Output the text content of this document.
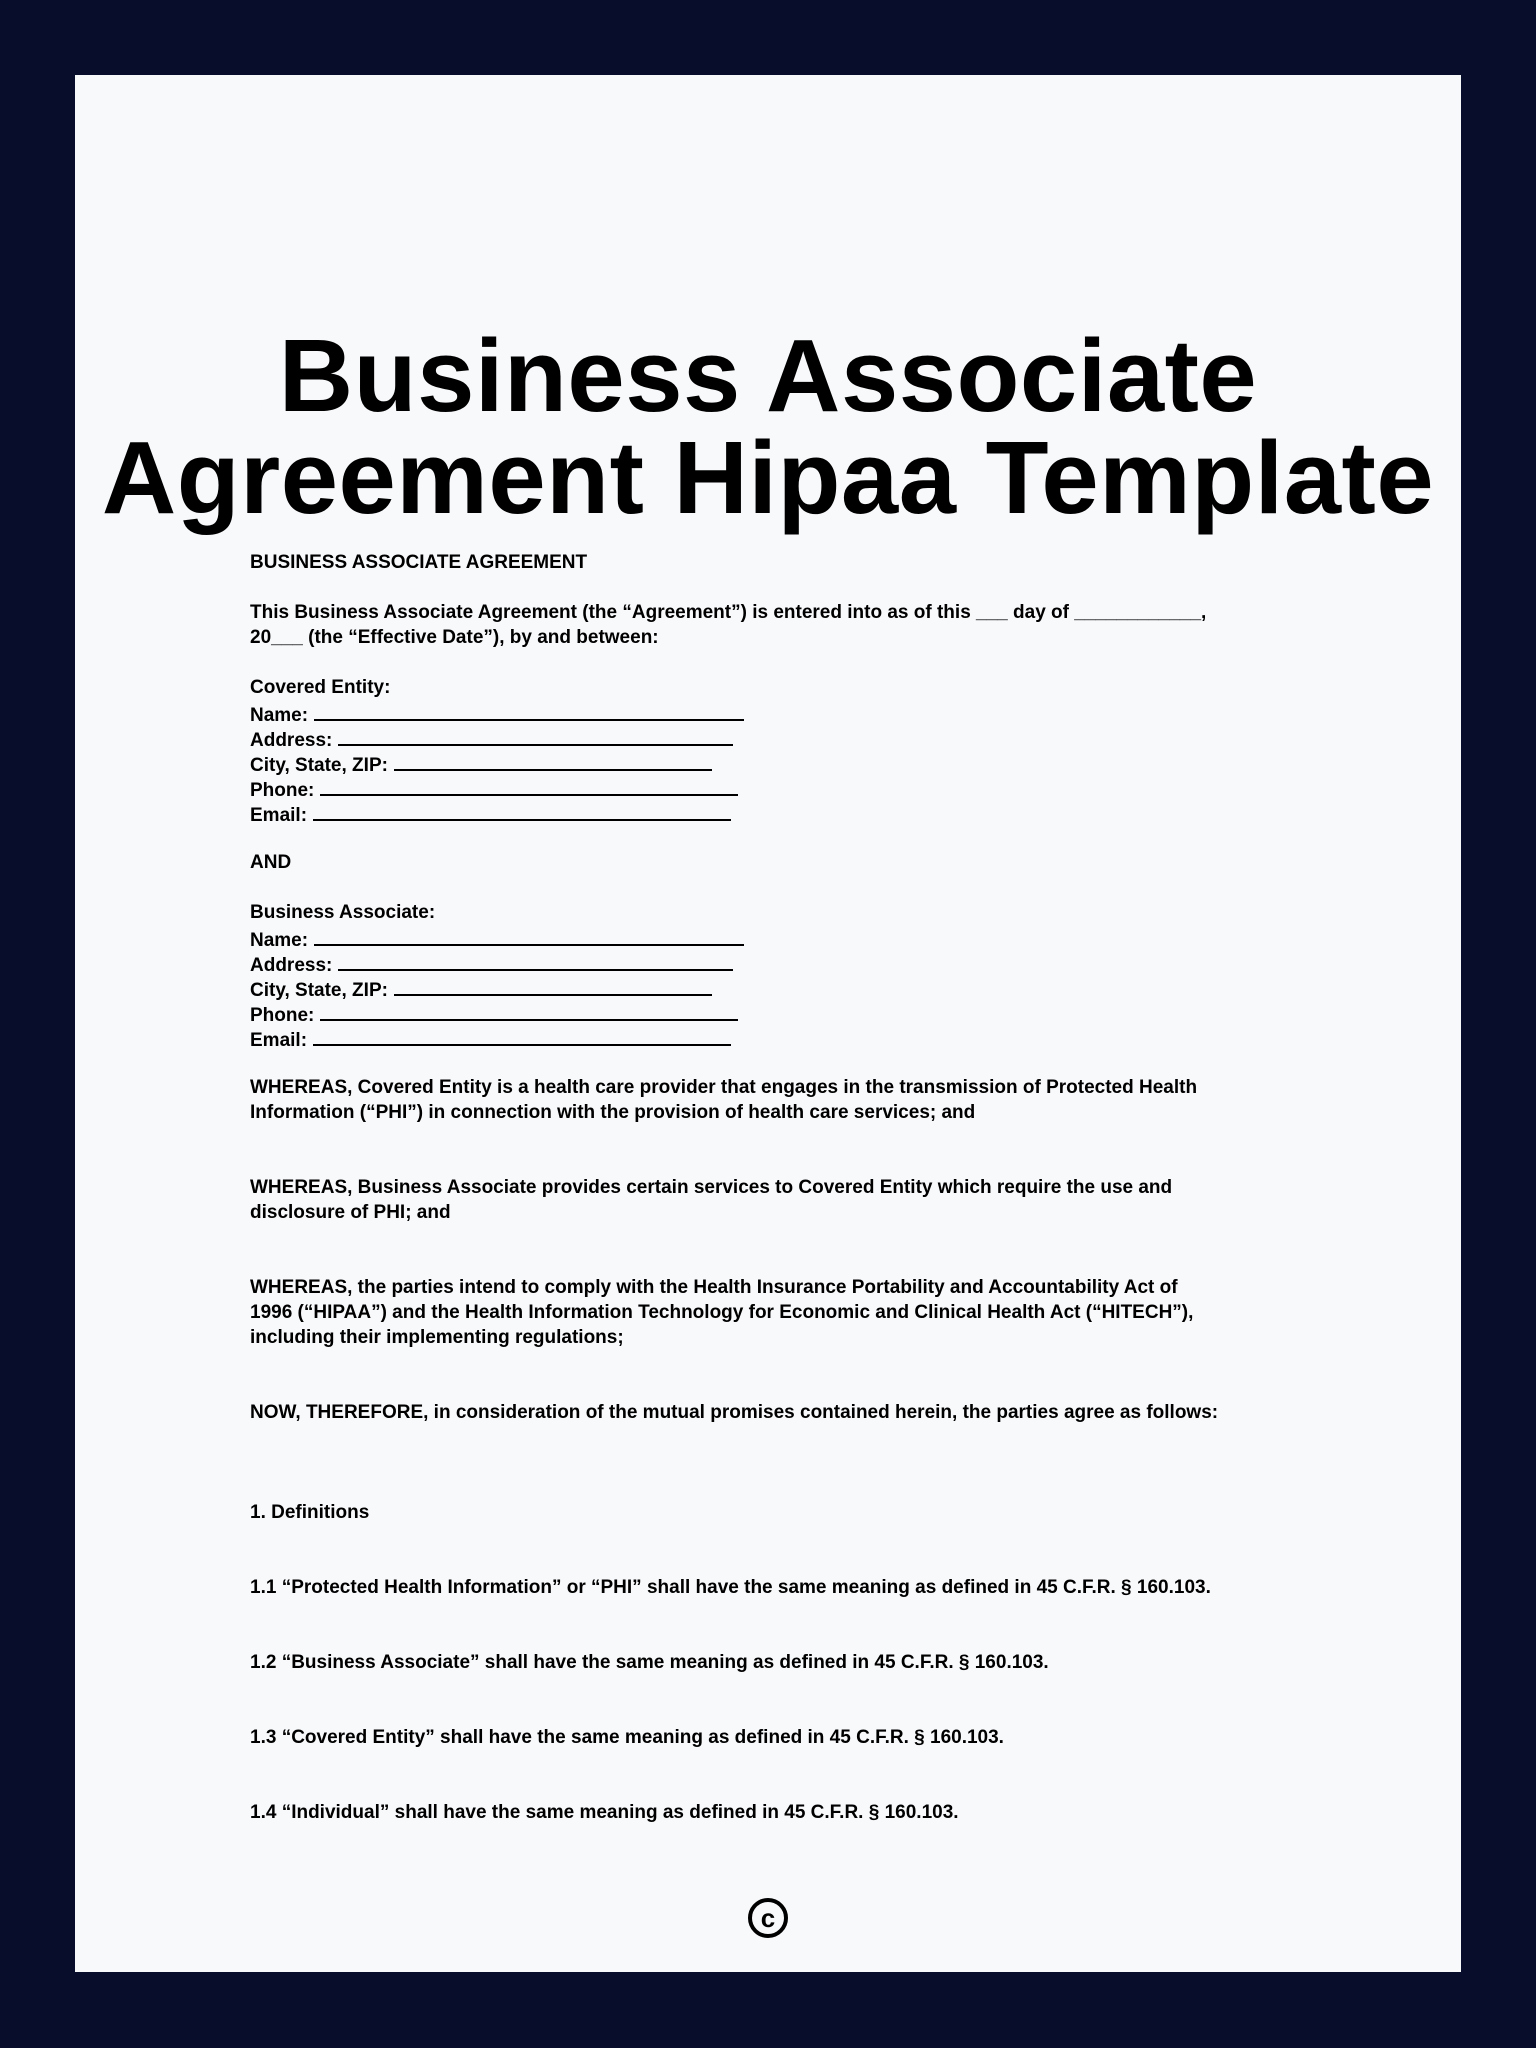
Business Associate
Agreement Hipaa Template

BUSINESS ASSOCIATE AGREEMENT

This Business Associate Agreement (the “Agreement”) is entered into as of this ___ day of ____________,

20___ (the “Effective Date”), by and between:

Covered Entity:

Name:
Address:
City, State, ZIP:
Phone:
Email:

AND

Business Associate:

Name:
Address:
City, State, ZIP:
Phone:
Email:

WHEREAS, Covered Entity is a health care provider that engages in the transmission of Protected Health

Information (“PHI”) in connection with the provision of health care services; and

WHEREAS, Business Associate provides certain services to Covered Entity which require the use and

disclosure of PHI; and

WHEREAS, the parties intend to comply with the Health Insurance Portability and Accountability Act of

1996 (“HIPAA”) and the Health Information Technology for Economic and Clinical Health Act (“HITECH”),

including their implementing regulations;

NOW, THEREFORE, in consideration of the mutual promises contained herein, the parties agree as follows:

1. Definitions

1.1 “Protected Health Information” or “PHI” shall have the same meaning as defined in 45 C.F.R. § 160.103.

1.2 “Business Associate” shall have the same meaning as defined in 45 C.F.R. § 160.103.

1.3 “Covered Entity” shall have the same meaning as defined in 45 C.F.R. § 160.103.

1.4 “Individual” shall have the same meaning as defined in 45 C.F.R. § 160.103.

c
